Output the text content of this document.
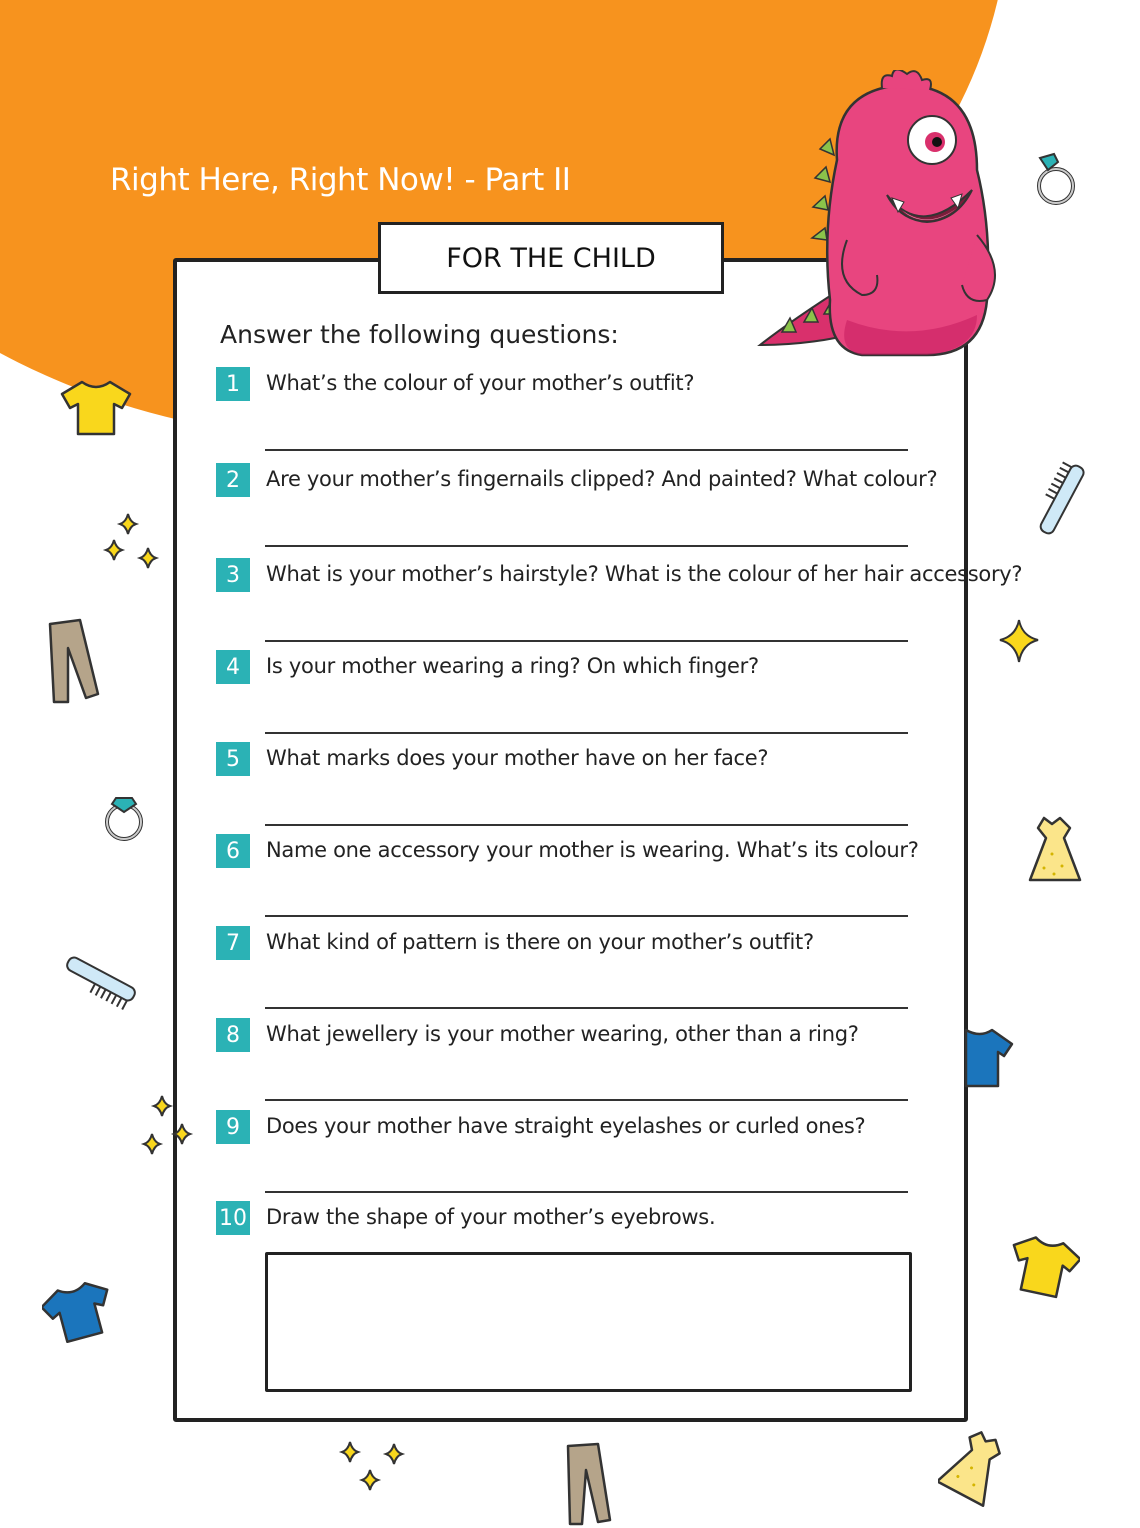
Right Here, Right Now! - Part II
FOR THE CHILD
Answer the following questions:
1	What’s the colour of your mother’s outfit?
2	Are your mother’s fingernails clipped? And painted? What colour?
3	What is your mother’s hairstyle? What is the colour of her hair accessory?
4	Is your mother wearing a ring? On which finger?
5	What marks does your mother have on her face?
6	Name one accessory your mother is wearing. What’s its colour?
7	What kind of pattern is there on your mother’s outfit?
8	What jewellery is your mother wearing, other than a ring?
9	Does your mother have straight eyelashes or curled ones?
10 Draw the shape of your mother’s eyebrows.
